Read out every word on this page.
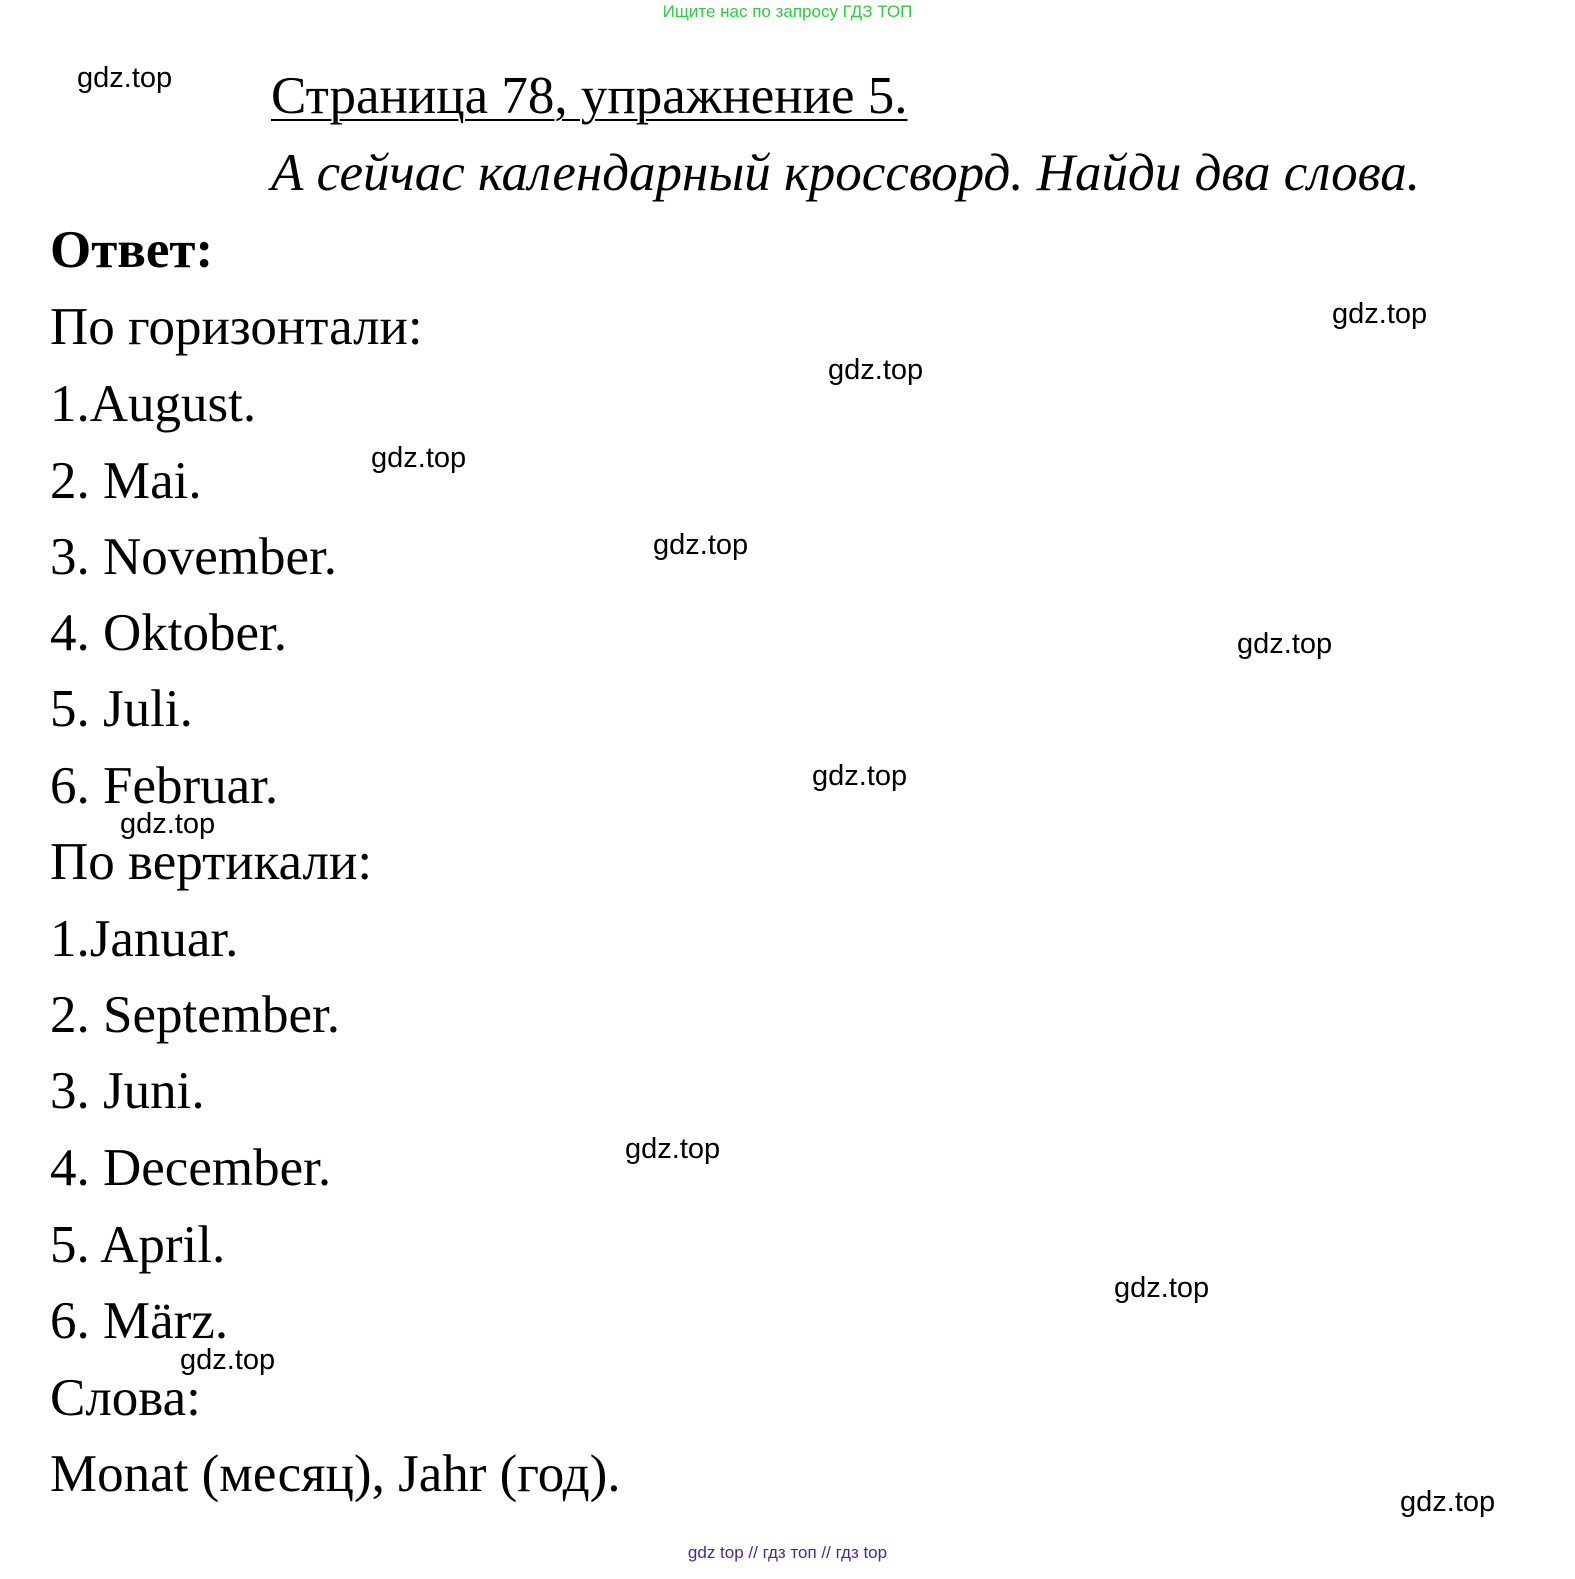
Ищите нас по запросу ГДЗ ТОП
Страница 78, упражнение 5.
А сейчас календарный кроссворд. Найди два слова.
Ответ:
По горизонтали:
1.August.
2. Mai.
3. November.
4. Oktober.
5. Juli.
6. Februar.
По вертикали:
1.Januar.
2. September.
3. Juni.
4. December.
5. April.
6. März.
Слова:
Monat (месяц), Jahr (год).
gdz.top
gdz.top
gdz.top
gdz.top
gdz.top
gdz.top
gdz.top
gdz.top
gdz.top
gdz.top
gdz.top
gdz.top
gdz top // гдз топ // гдз top
